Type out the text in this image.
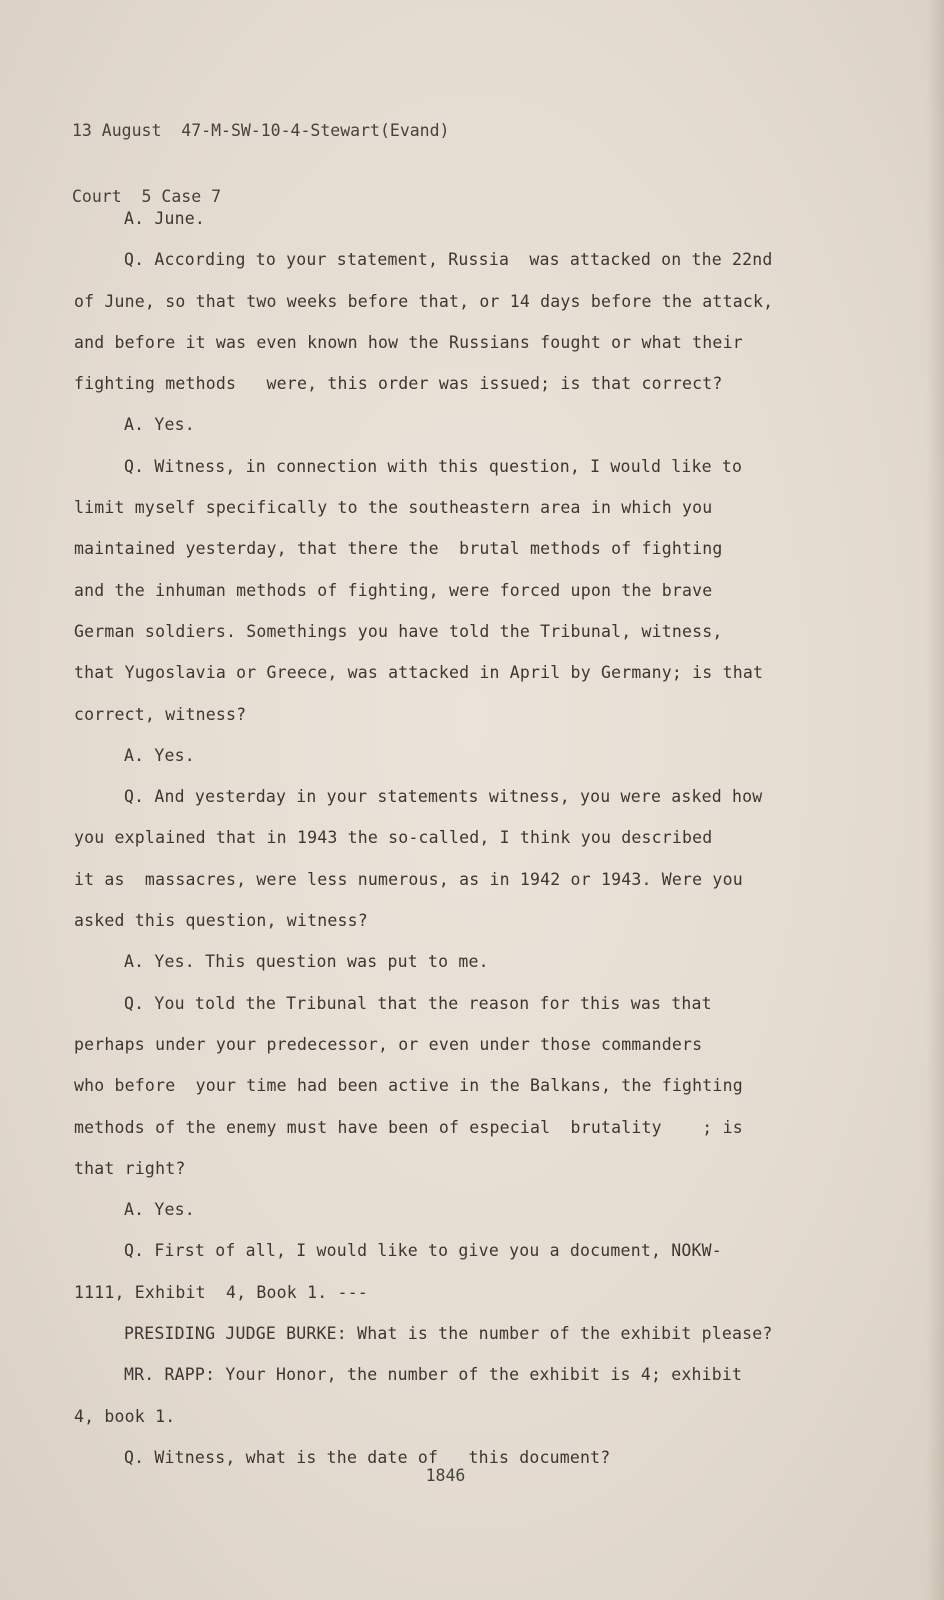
13 August  47-M-SW-10-4-Stewart(Evand)

Court  5 Case 7

A. June.
Q. According to your statement, Russia  was attacked on the 22nd
of June, so that two weeks before that, or 14 days before the attack,
and before it was even known how the Russians fought or what their
fighting methods   were, this order was issued; is that correct?
A. Yes.
Q. Witness, in connection with this question, I would like to
limit myself specifically to the southeastern area in which you
maintained yesterday, that there the  brutal methods of fighting
and the inhuman methods of fighting, were forced upon the brave
German soldiers. Somethings you have told the Tribunal, witness,
that Yugoslavia or Greece, was attacked in April by Germany; is that
correct, witness?
A. Yes.
Q. And yesterday in your statements witness, you were asked how
you explained that in 1943 the so-called, I think you described
it as  massacres, were less numerous, as in 1942 or 1943. Were you
asked this question, witness?
A. Yes. This question was put to me.
Q. You told the Tribunal that the reason for this was that
perhaps under your predecessor, or even under those commanders
who before  your time had been active in the Balkans, the fighting
methods of the enemy must have been of especial  brutality    ; is
that right?
A. Yes.
Q. First of all, I would like to give you a document, NOKW-
1111, Exhibit  4, Book 1. ---
PRESIDING JUDGE BURKE: What is the number of the exhibit please?
MR. RAPP: Your Honor, the number of the exhibit is 4; exhibit
4, book 1.
Q. Witness, what is the date of   this document?
1846
